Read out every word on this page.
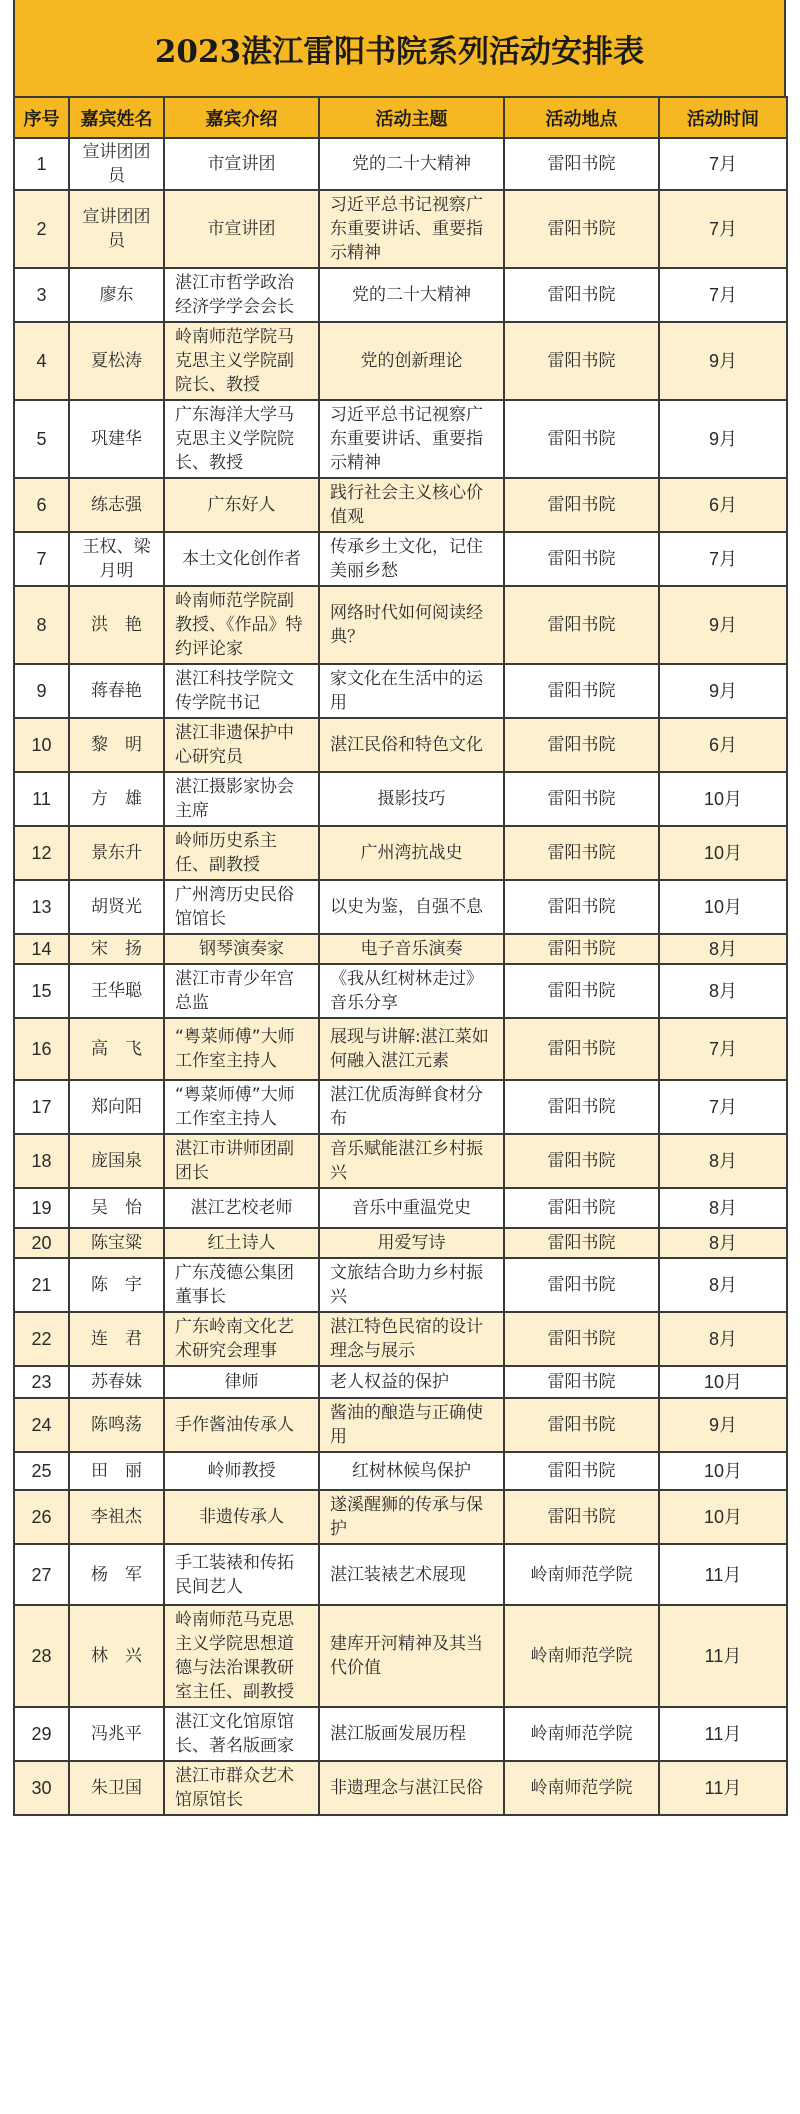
2023湛江雷阳书院系列活动安排表
序号	嘉宾姓名	嘉宾介绍	活动主题	活动地点	活动时间
1	宣讲团团员	市宣讲团	党的二十大精神	雷阳书院	7月
2	宣讲团团员	市宣讲团	习近平总书记视察广东重要讲话、重要指示精神	雷阳书院	7月
3	廖东	湛江市哲学政治经济学学会会长	党的二十大精神	雷阳书院	7月
4	夏松涛	岭南师范学院马克思主义学院副院长、教授	党的创新理论	雷阳书院	9月
5	巩建华	广东海洋大学马克思主义学院院长、教授	习近平总书记视察广东重要讲话、重要指示精神	雷阳书院	9月
6	练志强	广东好人	践行社会主义核心价值观	雷阳书院	6月
7	王权、梁月明	本土文化创作者	传承乡土文化，记住美丽乡愁	雷阳书院	7月
8	洪　艳	岭南师范学院副教授、《作品》特约评论家	网络时代如何阅读经典？	雷阳书院	9月
9	蒋春艳	湛江科技学院文传学院书记	家文化在生活中的运用	雷阳书院	9月
10	黎　明	湛江非遗保护中心研究员	湛江民俗和特色文化	雷阳书院	6月
11	方　雄	湛江摄影家协会主席	摄影技巧	雷阳书院	10月
12	景东升	岭师历史系主任、副教授	广州湾抗战史	雷阳书院	10月
13	胡贤光	广州湾历史民俗馆馆长	以史为鉴，自强不息	雷阳书院	10月
14	宋　扬	钢琴演奏家	电子音乐演奏	雷阳书院	8月
15	王华聪	湛江市青少年宫总监	《我从红树林走过》音乐分享	雷阳书院	8月
16	高　飞	“粤菜师傅”大师工作室主持人	展现与讲解:湛江菜如何融入湛江元素	雷阳书院	7月
17	郑向阳	“粤菜师傅”大师工作室主持人	湛江优质海鲜食材分布	雷阳书院	7月
18	庞国泉	湛江市讲师团副团长	音乐赋能湛江乡村振兴	雷阳书院	8月
19	吴　怡	湛江艺校老师	音乐中重温党史	雷阳书院	8月
20	陈宝粱	红土诗人	用爱写诗	雷阳书院	8月
21	陈　宇	广东茂德公集团董事长	文旅结合助力乡村振兴	雷阳书院	8月
22	连　君	广东岭南文化艺术研究会理事	湛江特色民宿的设计理念与展示	雷阳书院	8月
23	苏春妹	律师	老人权益的保护	雷阳书院	10月
24	陈鸣荡	手作酱油传承人	酱油的酿造与正确使用	雷阳书院	9月
25	田　丽	岭师教授	红树林候鸟保护	雷阳书院	10月
26	李祖杰	非遗传承人	遂溪醒狮的传承与保护	雷阳书院	10月
27	杨　军	手工装裱和传拓民间艺人	湛江装裱艺术展现	岭南师范学院	11月
28	林　兴	岭南师范马克思主义学院思想道德与法治课教研室主任、副教授	建库开河精神及其当代价值	岭南师范学院	11月
29	冯兆平	湛江文化馆原馆长、著名版画家	湛江版画发展历程	岭南师范学院	11月
30	朱卫国	湛江市群众艺术馆原馆长	非遗理念与湛江民俗	岭南师范学院	11月
